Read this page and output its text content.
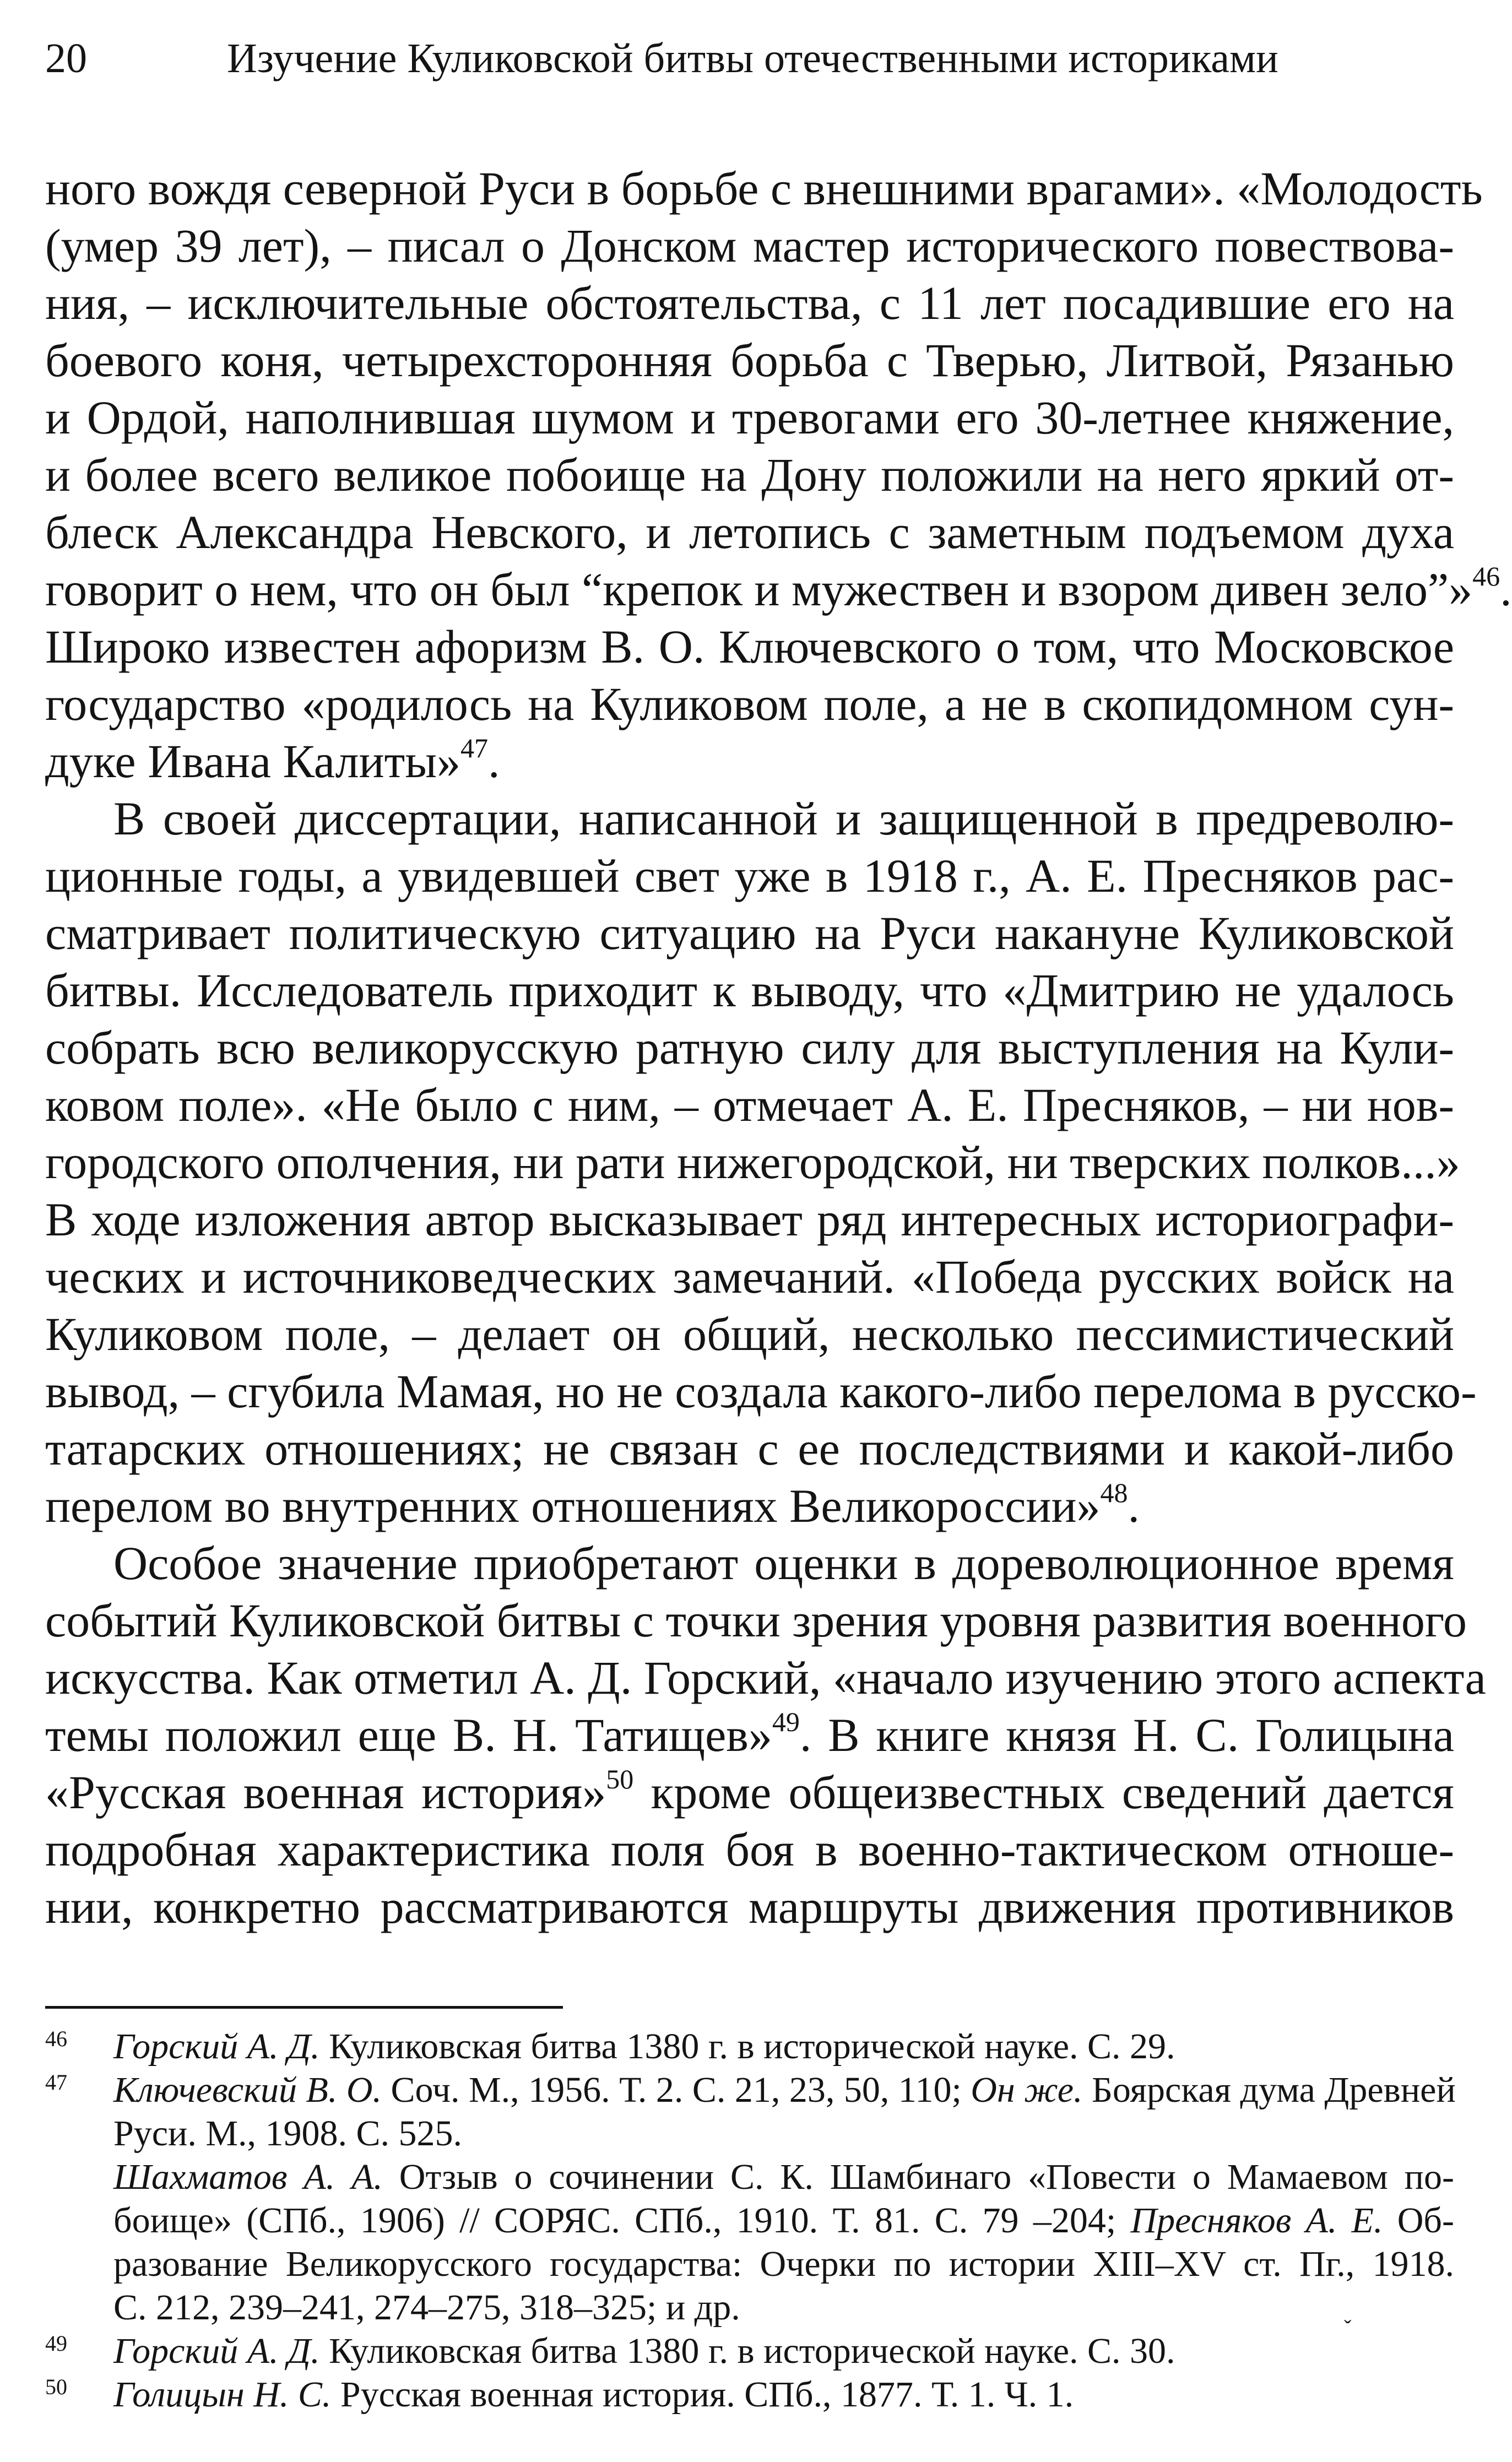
20	Изучение Куликовской битвы отечественными историками
ного вождя северной Руси в борьбе с внешними врагами». «Молодость
(умер 39 лет), – писал о Донском мастер исторического повествова-
ния, – исключительные обстоятельства, с 11 лет посадившие его на
боевого коня, четырехсторонняя борьба с Тверью, Литвой, Рязанью
и Ордой, наполнившая шумом и тревогами его 30-летнее княжение,
и более всего великое побоище на Дону положили на него яркий от-
блеск Александра Невского, и летопись с заметным подъемом духа
говорит о нем, что он был “крепок и мужествен и взором дивен зело”»$^{46}$.
Широко известен афоризм В. О. Ключевского о том, что Московское
государство «родилось на Куликовом поле, а не в скопидомном сун-
дуке Ивана Калиты»$^{47}$.
В своей диссертации, написанной и защищенной в предреволю-
ционные годы, а увидевшей свет уже в 1918 г., А. Е. Пресняков рас-
сматривает политическую ситуацию на Руси накануне Куликовской
битвы. Исследователь приходит к выводу, что «Дмитрию не удалось
собрать всю великорусскую ратную силу для выступления на Кули-
ковом поле». «Не было с ним, – отмечает А. Е. Пресняков, – ни нов-
городского ополчения, ни рати нижегородской, ни тверских полков...»
В ходе изложения автор высказывает ряд интересных историографи-
ческих и источниковедческих замечаний. «Победа русских войск на
Куликовом поле, – делает он общий, несколько пессимистический
вывод, – сгубила Мамая, но не создала какого-либо перелома в русско-
татарских отношениях; не связан с ее последствиями и какой-либо
перелом во внутренних отношениях Великороссии»$^{48}$.
Особое значение приобретают оценки в дореволюционное время
событий Куликовской битвы с точки зрения уровня развития военного
искусства. Как отметил А. Д. Горский, «начало изучению этого аспекта
темы положил еще В. Н. Татищев»$^{49}$. В книге князя Н. С. Голицына
«Русская военная история»$^{50}$ кроме общеизвестных сведений дается
подробная характеристика поля боя в военно-тактическом отноше-
нии, конкретно рассматриваются маршруты движения противников
46 Горский А. Д. Куликовская битва 1380 г. в исторической науке. С. 29.
47 Ключевский В. О. Соч. М., 1956. Т. 2. С. 21, 23, 50, 110; Он же. Боярская дума Древней
Руси. М., 1908. С. 525.
Шахматов А. А. Отзыв о сочинении С. К. Шамбинаго «Повести о Мамаевом по-
боище» (СПб., 1906) // СОРЯС. СПб., 1910. Т. 81. С. 79 –204; Пресняков А. Е. Об-
разование Великорусского государства: Очерки по истории XIII–XV ст. Пг., 1918.
С. 212, 239–241, 274–275, 318–325; и др.
49 Горский А. Д. Куликовская битва 1380 г. в исторической науке. С. 30.
50 Голицын Н. С. Русская военная история. СПб., 1877. Т. 1. Ч. 1.
ˇ
